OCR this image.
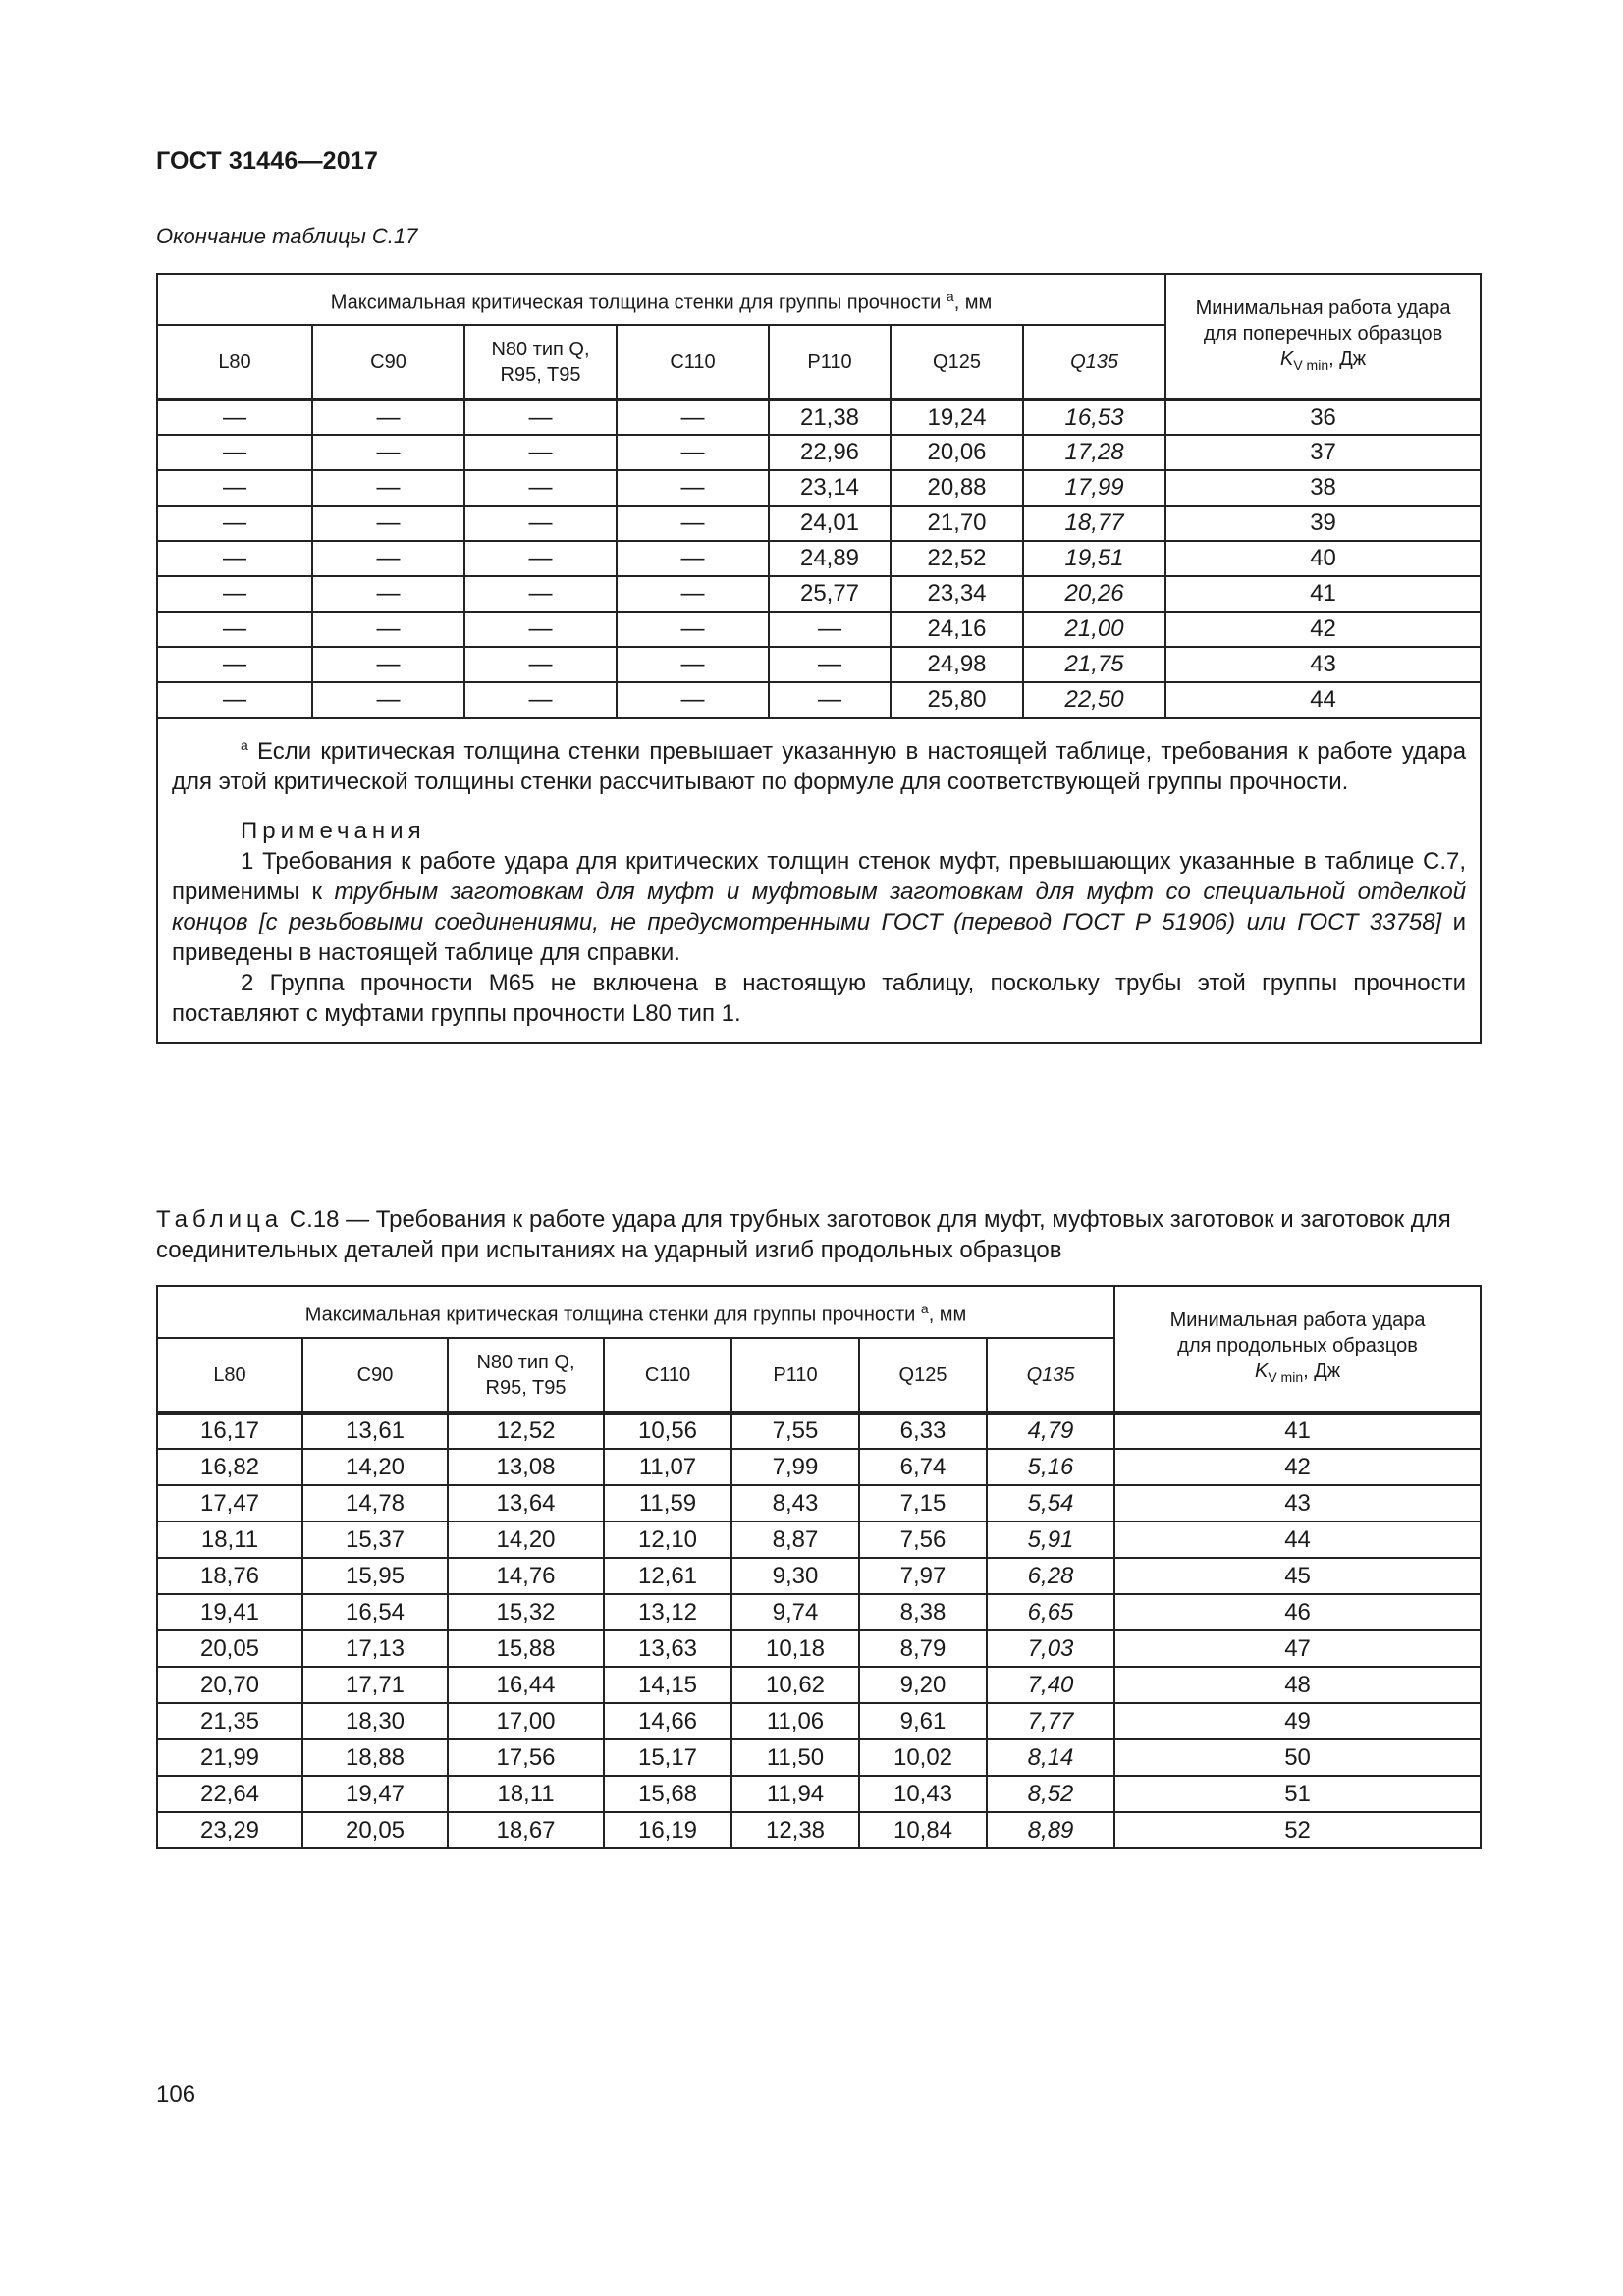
ГОСТ 31446—2017
Окончание таблицы С.17
Максимальная критическая толщина стенки для группы прочности $^a$, мм							Минимальная работа удара
для поперечных образцов
$K_{V min}$, Дж

L80	C90	N80 тип Q,
R95, T95	C110	P110	Q125	Q135	
—	—	—	—	21,38	19,24	16,53	36
—	—	—	—	22,96	20,06	17,28	37
—	—	—	—	23,14	20,88	17,99	38
—	—	—	—	24,01	21,70	18,77	39
—	—	—	—	24,89	22,52	19,51	40
—	—	—	—	25,77	23,34	20,26	41
—	—	—	—	—	24,16	21,00	42
—	—	—	—	—	24,98	21,75	43
—	—	—	—	—	25,80	22,50	44

$^a$ Если критическая толщина стенки превышает указанную в настоящей таблице, требования к работе удара для этой критической толщины стенки рассчитывают по формуле для соответствующей группы прочности.

Примечания

1 Требования к работе удара для критических толщин стенок муфт, превышающих указанные в таблице С.7, применимы к трубным заготовкам для муфт и муфтовым заготовкам для муфт со специальной отделкой концов [с резьбовыми соединениями, не предусмотренными ГОСТ (перевод ГОСТ Р 51906) или ГОСТ 33758] и приведены в настоящей таблице для справки.

2 Группа прочности М65 не включена в настоящую таблицу, поскольку трубы этой группы прочности поставляют с муфтами группы прочности L80 тип 1.							

Таблица С.18 — Требования к работе удара для трубных заготовок для муфт, муфтовых заготовок и заготовок для соединительных деталей при испытаниях на ударный изгиб продольных образцов
Максимальная критическая толщина стенки для группы прочности $^a$, мм							Минимальная работа удара
для продольных образцов
$K_{V min}$, Дж

L80	C90	N80 тип Q,
R95, T95	C110	P110	Q125	Q135	
16,17	13,61	12,52	10,56	7,55	6,33	4,79	41
16,82	14,20	13,08	11,07	7,99	6,74	5,16	42
17,47	14,78	13,64	11,59	8,43	7,15	5,54	43
18,11	15,37	14,20	12,10	8,87	7,56	5,91	44
18,76	15,95	14,76	12,61	9,30	7,97	6,28	45
19,41	16,54	15,32	13,12	9,74	8,38	6,65	46
20,05	17,13	15,88	13,63	10,18	8,79	7,03	47
20,70	17,71	16,44	14,15	10,62	9,20	7,40	48
21,35	18,30	17,00	14,66	11,06	9,61	7,77	49
21,99	18,88	17,56	15,17	11,50	10,02	8,14	50
22,64	19,47	18,11	15,68	11,94	10,43	8,52	51
23,29	20,05	18,67	16,19	12,38	10,84	8,89	52
106
